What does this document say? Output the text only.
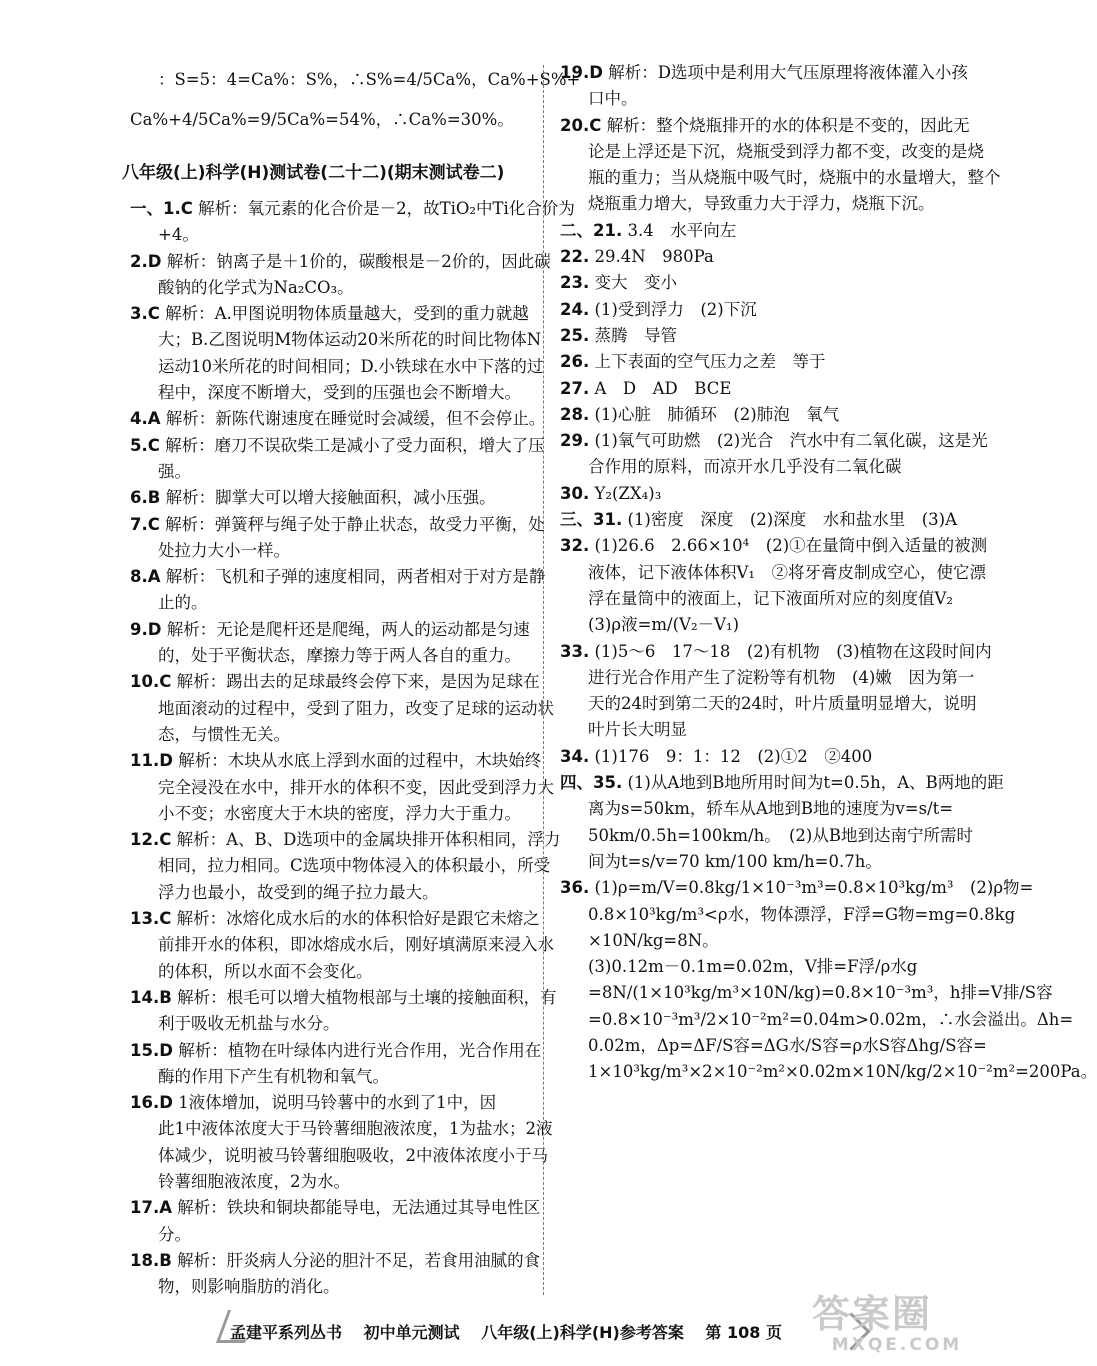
：S=5：4=Ca%：S%，∴S%=4/5Ca%，Ca%+S%+
Ca%+4/5Ca%=9/5Ca%=54%，∴Ca%=30%。
八年级(上)科学(H)测试卷(二十二)(期末测试卷二)
一、1.C 解析：氧元素的化合价是－2，故TiO₂中Ti化合价为
+4。
2.D 解析：钠离子是＋1价的，碳酸根是－2价的，因此碳
酸钠的化学式为Na₂CO₃。
3.C 解析：A.甲图说明物体质量越大，受到的重力就越
大；B.乙图说明M物体运动20米所花的时间比物体N
运动10米所花的时间相同；D.小铁球在水中下落的过
程中，深度不断增大，受到的压强也会不断增大。
4.A 解析：新陈代谢速度在睡觉时会减缓，但不会停止。
5.C 解析：磨刀不误砍柴工是减小了受力面积，增大了压
强。
6.B 解析：脚掌大可以增大接触面积，减小压强。
7.C 解析：弹簧秤与绳子处于静止状态，故受力平衡，处
处拉力大小一样。
8.A 解析：飞机和子弹的速度相同，两者相对于对方是静
止的。
9.D 解析：无论是爬杆还是爬绳，两人的运动都是匀速
的，处于平衡状态，摩擦力等于两人各自的重力。
10.C 解析：踢出去的足球最终会停下来，是因为足球在
地面滚动的过程中，受到了阻力，改变了足球的运动状
态，与惯性无关。
11.D 解析：木块从水底上浮到水面的过程中，木块始终
完全浸没在水中，排开水的体积不变，因此受到浮力大
小不变；水密度大于木块的密度，浮力大于重力。
12.C 解析：A、B、D选项中的金属块排开体积相同，浮力
相同，拉力相同。C选项中物体浸入的体积最小，所受
浮力也最小，故受到的绳子拉力最大。
13.C 解析：冰熔化成水后的水的体积恰好是跟它未熔之
前排开水的体积，即冰熔成水后，刚好填满原来浸入水
的体积，所以水面不会变化。
14.B 解析：根毛可以增大植物根部与土壤的接触面积，有
利于吸收无机盐与水分。
15.D 解析：植物在叶绿体内进行光合作用，光合作用在
酶的作用下产生有机物和氧气。
16.D 1液体增加，说明马铃薯中的水到了1中，因
此1中液体浓度大于马铃薯细胞液浓度，1为盐水；2液
体减少，说明被马铃薯细胞吸收，2中液体浓度小于马
铃薯细胞液浓度，2为水。
17.A 解析：铁块和铜块都能导电，无法通过其导电性区
分。
18.B 解析：肝炎病人分泌的胆汁不足，若食用油腻的食
物，则影响脂肪的消化。
19.D 解析：D选项中是利用大气压原理将液体灌入小孩
口中。
20.C 解析：整个烧瓶排开的水的体积是不变的，因此无
论是上浮还是下沉，烧瓶受到浮力都不变，改变的是烧
瓶的重力；当从烧瓶中吸气时，烧瓶中的水量增大，整个
烧瓶重力增大，导致重力大于浮力，烧瓶下沉。
二、21. 3.4　水平向左
22. 29.4N　980Pa
23. 变大　变小
24. (1)受到浮力　(2)下沉
25. 蒸腾　导管
26. 上下表面的空气压力之差　等于
27. A　D　AD　BCE
28. (1)心脏　肺循环　(2)肺泡　氧气
29. (1)氧气可助燃　(2)光合　汽水中有二氧化碳，这是光
合作用的原料，而凉开水几乎没有二氧化碳
30. Y₂(ZX₄)₃
三、31. (1)密度　深度　(2)深度　水和盐水里　(3)A
32. (1)26.6　2.66×10⁴　(2)①在量筒中倒入适量的被测
液体，记下液体体积V₁　②将牙膏皮制成空心，使它漂
浮在量筒中的液面上，记下液面所对应的刻度值V₂
(3)ρ液=m/(V₂－V₁)
33. (1)5～6　17～18　(2)有机物　(3)植物在这段时间内
进行光合作用产生了淀粉等有机物　(4)嫩　因为第一
天的24时到第二天的24时，叶片质量明显增大，说明
叶片长大明显
34. (1)176　9：1：12　(2)①2　②400
四、35. (1)从A地到B地所用时间为t=0.5h，A、B两地的距
离为s=50km，轿车从A地到B地的速度为v=s/t=
50km/0.5h=100km/h。　(2)从B地到达南宁所需时
间为t=s/v=70 km/100 km/h=0.7h。
36. (1)ρ=m/V=0.8kg/1×10⁻³m³=0.8×10³kg/m³　(2)ρ物=
0.8×10³kg/m³<ρ水，物体漂浮，F浮=G物=mg=0.8kg
×10N/kg=8N。
(3)0.12m－0.1m=0.02m，V排=F浮/ρ水g
=8N/(1×10³kg/m³×10N/kg)=0.8×10⁻³m³，h排=V排/S容
=0.8×10⁻³m³/2×10⁻²m²=0.04m>0.02m，∴水会溢出。Δh=
0.02m，Δp=ΔF/S容=ΔG水/S容=ρ水S容Δhg/S容=
1×10³kg/m³×2×10⁻²m²×0.02m×10N/kg/2×10⁻²m²=200Pa。
孟建平系列丛书 初中单元测试 八年级(上)科学(H)参考答案 第 108 页 答案圈
MXQE.COM
